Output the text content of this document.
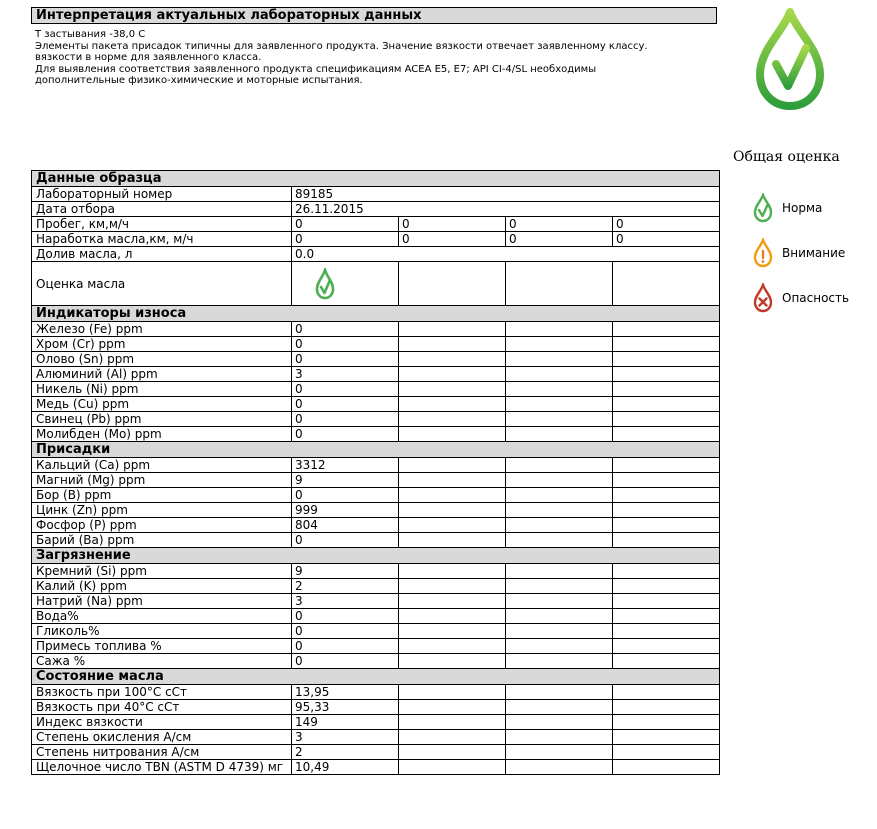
Интерпретация актуальных лабораторных данных
Т застывания -38,0 С
Элементы пакета присадок типичны для заявленного продукта. Значение вязкости отвечает заявленному классу.
вязкости в норме для заявленного класса.
Для выявления соответствия заявленного продукта спецификациям ACEA E5, E7; API CI-4/SL необходимы
дополнительные физико-химические и моторные испытания.
Общая оценка
Норма
Внимание
Опасность
Данные образца				
Лабораторный номер	89185			
Дата отбора	26.11.2015			
Пробег, км,м/ч	0	0	0	0
Наработка масла,км, м/ч	0	0	0	0
Долив масла, л	0.0			
Оценка масла	

Индикаторы износа				
Железо (Fe) ppm	0			
Хром (Cr) ppm	0			
Олово (Sn) ppm	0			
Алюминий (Al) ppm	3			
Никель (Ni) ppm	0			
Медь (Cu) ppm	0			
Свинец (Pb) ppm	0			
Молибден (Mo) ppm	0			
Присадки				
Кальций (Ca) ppm	3312			
Магний (Mg) ppm	9			
Бор (B) ppm	0			
Цинк (Zn) ppm	999			
Фосфор (P) ppm	804			
Барий (Ba) ppm	0			
Загрязнение				
Кремний (Si) ppm	9			
Калий (K) ppm	2			
Натрий (Na) ppm	3			
Вода%	0			
Гликоль%	0			
Примесь топлива %	0			
Сажа %	0			
Состояние масла				
Вязкость при 100°С сСт	13,95			
Вязкость при 40°С сСт	95,33			
Индекс вязкости	149			
Степень окисления А/см	3			
Степень нитрования А/см	2			
Щелочное число TBN (ASTM D 4739) мг	10,49			
